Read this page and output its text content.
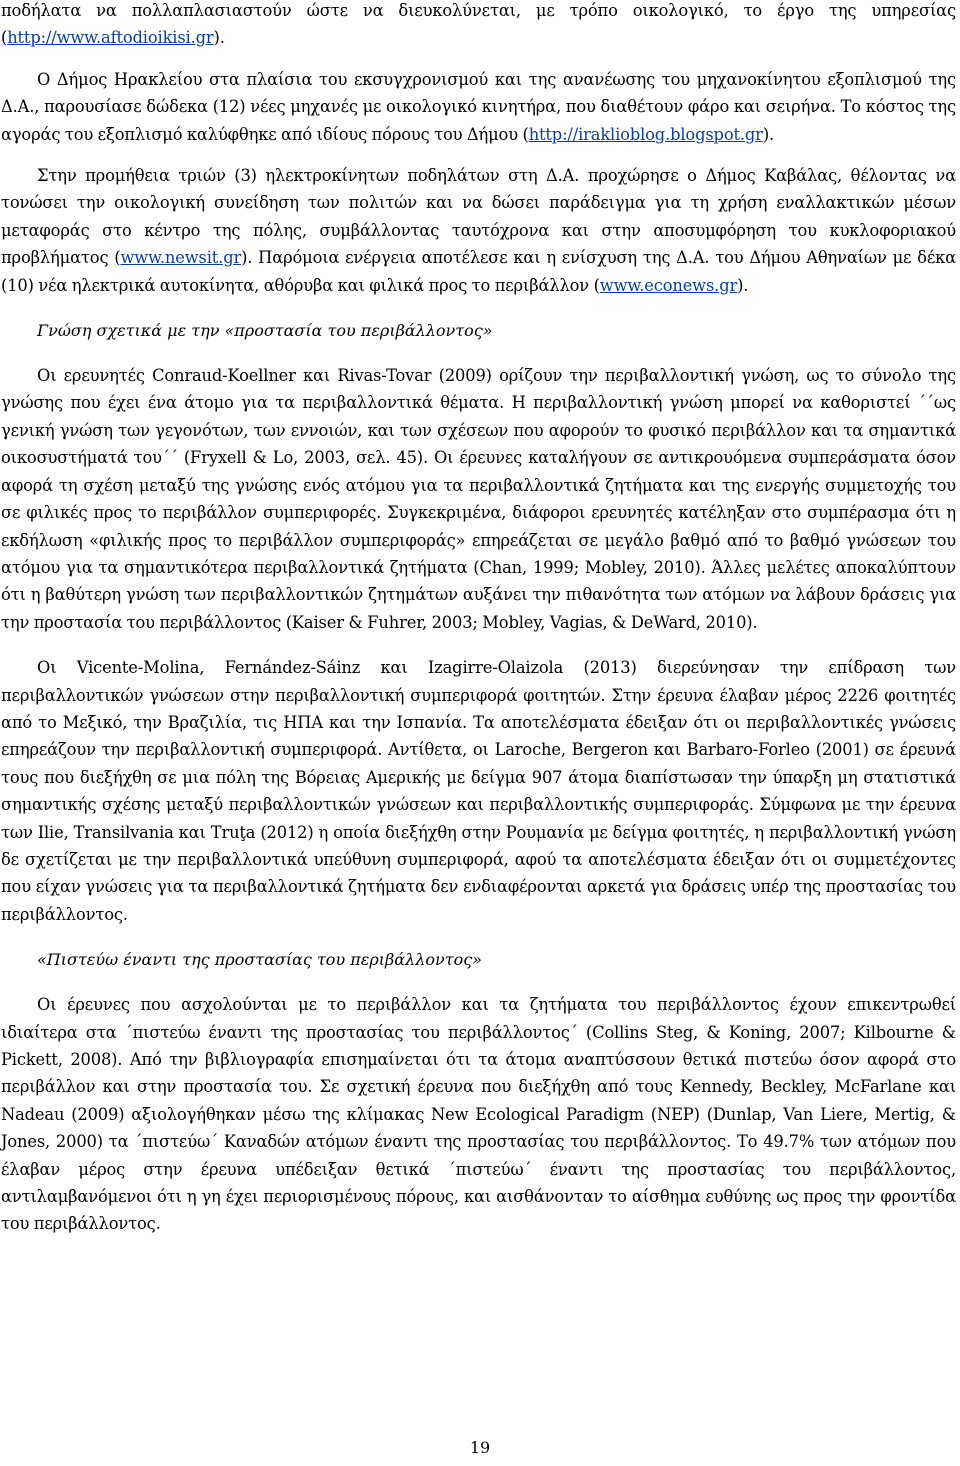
ποδήλατα να πολλαπλασιαστούν ώστε να διευκολύνεται, με τρόπο οικολογικό, το έργο της υπηρεσίας (http://www.aftodioikisi.gr).

Ο Δήμος Ηρακλείου στα πλαίσια του εκσυγχρονισμού και της ανανέωσης του μηχανοκίνητου εξοπλισμού της Δ.Α., παρουσίασε δώδεκα (12) νέες μηχανές με οικολογικό κινητήρα, που διαθέτουν φάρο και σειρήνα. Το κόστος της αγοράς του εξοπλισμό καλύφθηκε από ιδίους πόρους του Δήμου (http://iraklioblog.blogspot.gr).

Στην προμήθεια τριών (3) ηλεκτροκίνητων ποδηλάτων στη Δ.Α. προχώρησε ο Δήμος Καβάλας, θέλοντας να τονώσει την οικολογική συνείδηση των πολιτών και να δώσει παράδειγμα για τη χρήση εναλλακτικών μέσων μεταφοράς στο κέντρο της πόλης, συμβάλλοντας ταυτόχρονα και στην αποσυμφόρηση του κυκλοφοριακού προβλήματος (www.newsit.gr). Παρόμοια ενέργεια αποτέλεσε και η ενίσχυση της Δ.Α. του Δήμου Αθηναίων με δέκα (10) νέα ηλεκτρικά αυτοκίνητα, αθόρυβα και φιλικά προς το περιβάλλον (www.econews.gr).

Γνώση σχετικά με την «προστασία του περιβάλλοντος»

Οι ερευνητές Conraud-Koellner και Rivas-Tovar (2009) ορίζουν την περιβαλλοντική γνώση, ως το σύνολο της γνώσης που έχει ένα άτομο για τα περιβαλλοντικά θέματα. Η περιβαλλοντική γνώση μπορεί να καθοριστεί ΄΄ως γενική γνώση των γεγονότων, των εννοιών, και των σχέσεων που αφορούν το φυσικό περιβάλλον και τα σημαντικά οικοσυστήματά του΄΄ (Fryxell & Lo, 2003, σελ. 45). Οι έρευνες καταλήγουν σε αντικρουόμενα συμπεράσματα όσον αφορά τη σχέση μεταξύ της γνώσης ενός ατόμου για τα περιβαλλοντικά ζητήματα και της ενεργής συμμετοχής του σε φιλικές προς το περιβάλλον συμπεριφορές. Συγκεκριμένα, διάφοροι ερευνητές κατέληξαν στο συμπέρασμα ότι η εκδήλωση «φιλικής προς το περιβάλλον συμπεριφοράς» επηρεάζεται σε μεγάλο βαθμό από το βαθμό γνώσεων του ατόμου για τα σημαντικότερα περιβαλλοντικά ζητήματα (Chan, 1999; Mobley, 2010). Άλλες μελέτες αποκαλύπτουν ότι η βαθύτερη γνώση των περιβαλλοντικών ζητημάτων αυξάνει την πιθανότητα των ατόμων να λάβουν δράσεις για την προστασία του περιβάλλοντος (Kaiser & Fuhrer, 2003; Mobley, Vagias, & DeWard, 2010).

Οι Vicente-Molina, Fernández-Sáinz και Izagirre-Olaizola (2013) διερεύνησαν την επίδραση των περιβαλλοντικών γνώσεων στην περιβαλλοντική συμπεριφορά φοιτητών. Στην έρευνα έλαβαν μέρος 2226 φοιτητές από το Μεξικό, την Βραζιλία, τις ΗΠΑ και την Ισπανία. Τα αποτελέσματα έδειξαν ότι οι περιβαλλοντικές γνώσεις επηρεάζουν την περιβαλλοντική συμπεριφορά. Αντίθετα, οι Laroche, Bergeron και Barbaro-Forleo (2001) σε έρευνά τους που διεξήχθη σε μια πόλη της Βόρειας Αμερικής με δείγμα 907 άτομα διαπίστωσαν την ύπαρξη μη στατιστικά σημαντικής σχέσης μεταξύ περιβαλλοντικών γνώσεων και περιβαλλοντικής συμπεριφοράς. Σύμφωνα με την έρευνα των Ilie, Transilvania και Truţa (2012) η οποία διεξήχθη στην Ρουμανία με δείγμα φοιτητές, η περιβαλλοντική γνώση δε σχετίζεται με την περιβαλλοντικά υπεύθυνη συμπεριφορά, αφού τα αποτελέσματα έδειξαν ότι οι συμμετέχοντες που είχαν γνώσεις για τα περιβαλλοντικά ζητήματα δεν ενδιαφέρονται αρκετά για δράσεις υπέρ της προστασίας του περιβάλλοντος.

«Πιστεύω έναντι της προστασίας του περιβάλλοντος»

Οι έρευνες που ασχολούνται με το περιβάλλον και τα ζητήματα του περιβάλλοντος έχουν επικεντρωθεί ιδιαίτερα στα ΄πιστεύω έναντι της προστασίας του περιβάλλοντος΄ (Collins Steg, & Koning, 2007; Kilbourne & Pickett, 2008). Από την βιβλιογραφία επισημαίνεται ότι τα άτομα αναπτύσσουν θετικά πιστεύω όσον αφορά στο περιβάλλον και στην προστασία του. Σε σχετική έρευνα που διεξήχθη από τους Kennedy, Beckley, McFarlane και Nadeau (2009) αξιολογήθηκαν μέσω της κλίμακας New Ecological Paradigm (NEP) (Dunlap, Van Liere, Mertig, & Jones, 2000) τα ΄πιστεύω΄ Καναδών ατόμων έναντι της προστασίας του περιβάλλοντος. Το 49.7% των ατόμων που έλαβαν μέρος στην έρευνα υπέδειξαν θετικά ΄πιστεύω΄ έναντι της προστασίας του περιβάλλοντος, αντιλαμβανόμενοι ότι η γη έχει περιορισμένους πόρους, και αισθάνονταν το αίσθημα ευθύνης ως προς την φροντίδα του περιβάλλοντος.

19
